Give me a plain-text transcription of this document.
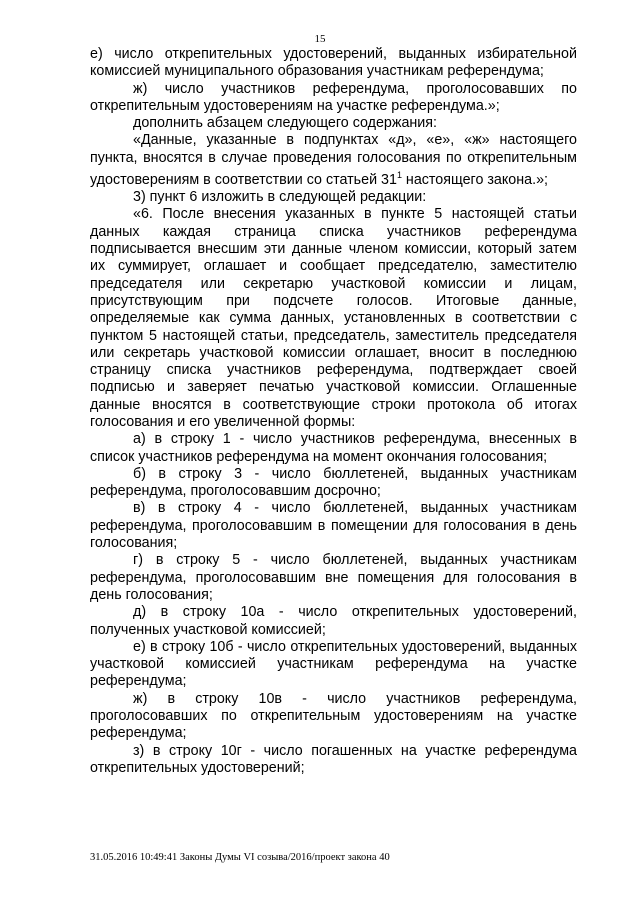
15

е) число открепительных удостоверений, выданных избирательной комиссией муниципального образования участникам референдума;

ж) число участников референдума, проголосовавших по открепительным удостоверениям на участке референдума.»;

дополнить абзацем следующего содержания:

«Данные, указанные в подпунктах «д», «е», «ж» настоящего пункта, вносятся в случае проведения голосования по открепительным удостоверениям в соответствии со статьей $31^1$ настоящего закона.»;

3) пункт 6 изложить в следующей редакции:

«6. После внесения указанных в пункте 5 настоящей статьи данных каждая страница списка участников референдума подписывается внесшим эти данные членом комиссии, который затем их суммирует, оглашает и сообщает председателю, заместителю председателя или секретарю участковой комиссии и лицам, присутствующим при подсчете голосов. Итоговые данные, определяемые как сумма данных, установленных в соответствии с пунктом 5 настоящей статьи, председатель, заместитель председателя или секретарь участковой комиссии оглашает, вносит в последнюю страницу списка участников референдума, подтверждает своей подписью и заверяет печатью участковой комиссии. Оглашенные данные вносятся в соответствующие строки протокола об итогах голосования и его увеличенной формы:

а) в строку 1 - число участников референдума, внесенных в список участников референдума на момент окончания голосования;

б) в строку 3 - число бюллетеней, выданных участникам референдума, проголосовавшим досрочно;

в) в строку 4 - число бюллетеней, выданных участникам референдума, проголосовавшим в помещении для голосования в день голосования;

г) в строку 5 - число бюллетеней, выданных участникам референдума, проголосовавшим вне помещения для голосования в день голосования;

д) в строку 10а - число открепительных удостоверений, полученных участковой комиссией;

е) в строку 10б - число открепительных удостоверений, выданных участковой комиссией участникам референдума на участке референдума;

ж) в строку 10в - число участников референдума, проголосовавших по открепительным удостоверениям на участке референдума;

з) в строку 10г - число погашенных на участке референдума открепительных удостоверений;

31.05.2016 10:49:41 Законы Думы VI созыва/2016/проект закона 40
